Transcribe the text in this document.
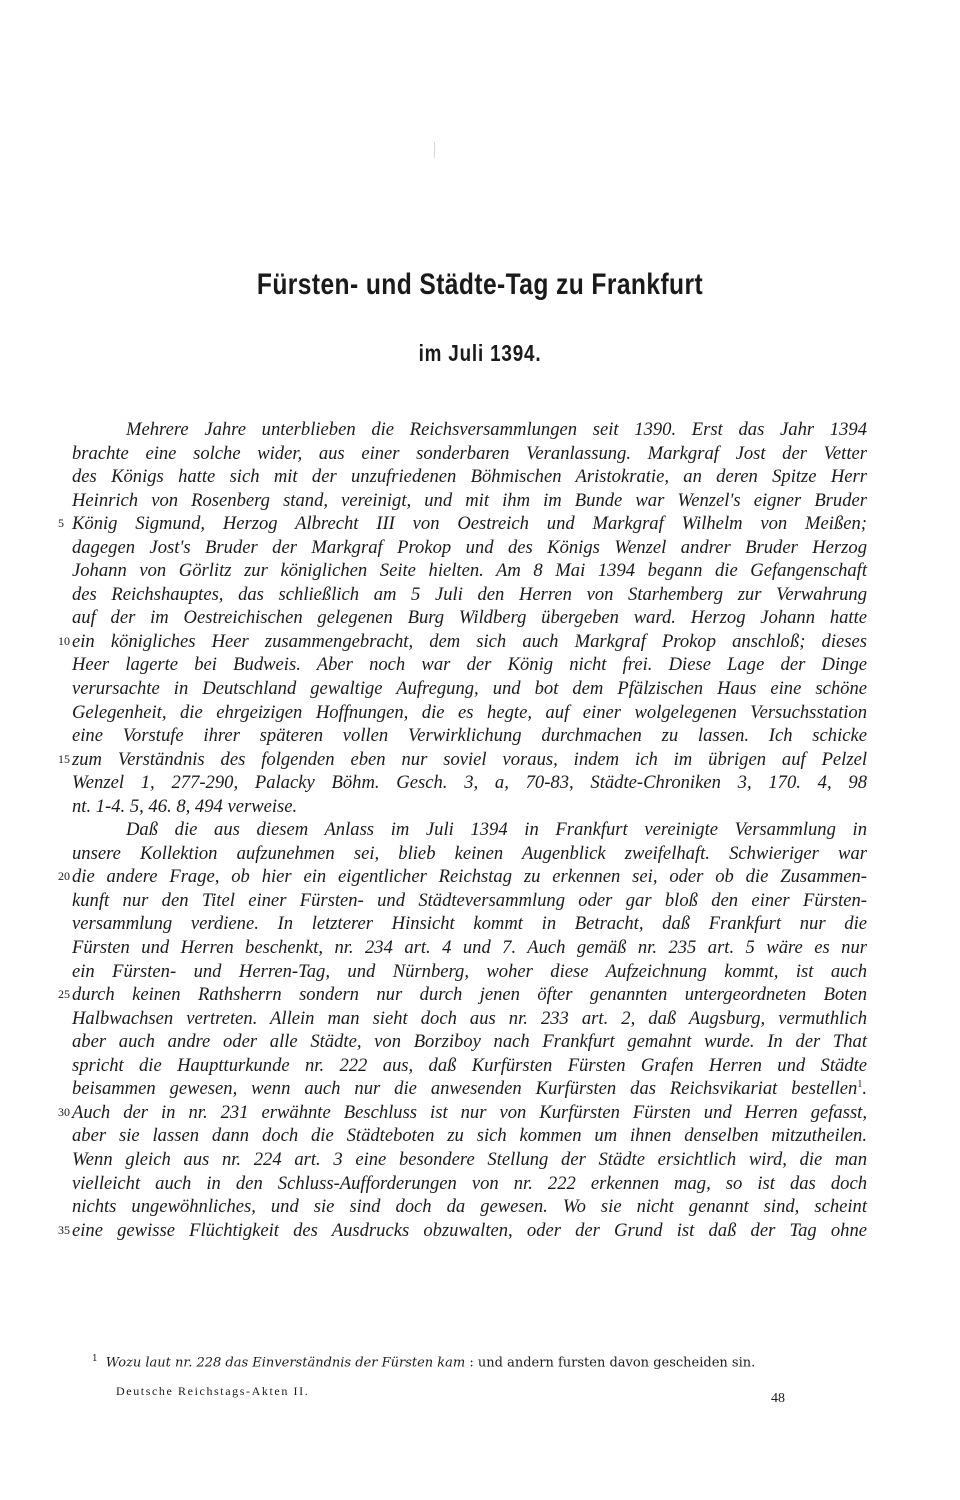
Fürsten- und Städte-Tag zu Frankfurt
im Juli 1394.
Mehrere Jahre unterblieben die Reichsversammlungen seit 1390. Erst das Jahr 1394
brachte eine solche wider, aus einer sonderbaren Veranlassung. Markgraf Jost der Vetter
des Königs hatte sich mit der unzufriedenen Böhmischen Aristokratie, an deren Spitze Herr
Heinrich von Rosenberg stand, vereinigt, und mit ihm im Bunde war Wenzel's eigner Bruder
5 König Sigmund, Herzog Albrecht III von Oestreich und Markgraf Wilhelm von Meißen;
dagegen Jost's Bruder der Markgraf Prokop und des Königs Wenzel andrer Bruder Herzog
Johann von Görlitz zur königlichen Seite hielten. Am 8 Mai 1394 begann die Gefangenschaft
des Reichshauptes, das schließlich am 5 Juli den Herren von Starhemberg zur Verwahrung
auf der im Oestreichischen gelegenen Burg Wildberg übergeben ward. Herzog Johann hatte
10 ein königliches Heer zusammengebracht, dem sich auch Markgraf Prokop anschloß; dieses
Heer lagerte bei Budweis. Aber noch war der König nicht frei. Diese Lage der Dinge
verursachte in Deutschland gewaltige Aufregung, und bot dem Pfälzischen Haus eine schöne
Gelegenheit, die ehrgeizigen Hoffnungen, die es hegte, auf einer wolgelegenen Versuchsstation
eine Vorstufe ihrer späteren vollen Verwirklichung durchmachen zu lassen. Ich schicke
15 zum Verständnis des folgenden eben nur soviel voraus, indem ich im übrigen auf Pelzel
Wenzel 1, 277-290, Palacky Böhm. Gesch. 3, a, 70-83, Städte-Chroniken 3, 170. 4, 98
nt. 1-4. 5, 46. 8, 494 verweise.
Daß die aus diesem Anlass im Juli 1394 in Frankfurt vereinigte Versammlung in
unsere Kollektion aufzunehmen sei, blieb keinen Augenblick zweifelhaft. Schwieriger war
20 die andere Frage, ob hier ein eigentlicher Reichstag zu erkennen sei, oder ob die Zusammen-
kunft nur den Titel einer Fürsten- und Städteversammlung oder gar bloß den einer Fürsten-
versammlung verdiene. In letzterer Hinsicht kommt in Betracht, daß Frankfurt nur die
Fürsten und Herren beschenkt, nr. 234 art. 4 und 7. Auch gemäß nr. 235 art. 5 wäre es nur
ein Fürsten- und Herren-Tag, und Nürnberg, woher diese Aufzeichnung kommt, ist auch
25 durch keinen Rathsherrn sondern nur durch jenen öfter genannten untergeordneten Boten
Halbwachsen vertreten. Allein man sieht doch aus nr. 233 art. 2, daß Augsburg, vermuthlich
aber auch andre oder alle Städte, von Borziboy nach Frankfurt gemahnt wurde. In der That
spricht die Hauptturkunde nr. 222 aus, daß Kurfürsten Fürsten Grafen Herren und Städte
beisammen gewesen, wenn auch nur die anwesenden Kurfürsten das Reichsvikariat bestellen$^1$.
30 Auch der in nr. 231 erwähnte Beschluss ist nur von Kurfürsten Fürsten und Herren gefasst,
aber sie lassen dann doch die Städteboten zu sich kommen um ihnen denselben mitzutheilen.
Wenn gleich aus nr. 224 art. 3 eine besondere Stellung der Städte ersichtlich wird, die man
vielleicht auch in den Schluss-Aufforderungen von nr. 222 erkennen mag, so ist das doch
nichts ungewöhnliches, und sie sind doch da gewesen. Wo sie nicht genannt sind, scheint
35 eine gewisse Flüchtigkeit des Ausdrucks obzuwalten, oder der Grund ist daß der Tag ohne
$^1$ Wozu laut nr. 228 das Einverständnis der Fürsten kam : und andern fursten davon gescheiden sin.
Deutsche Reichstags-Akten II.	48
